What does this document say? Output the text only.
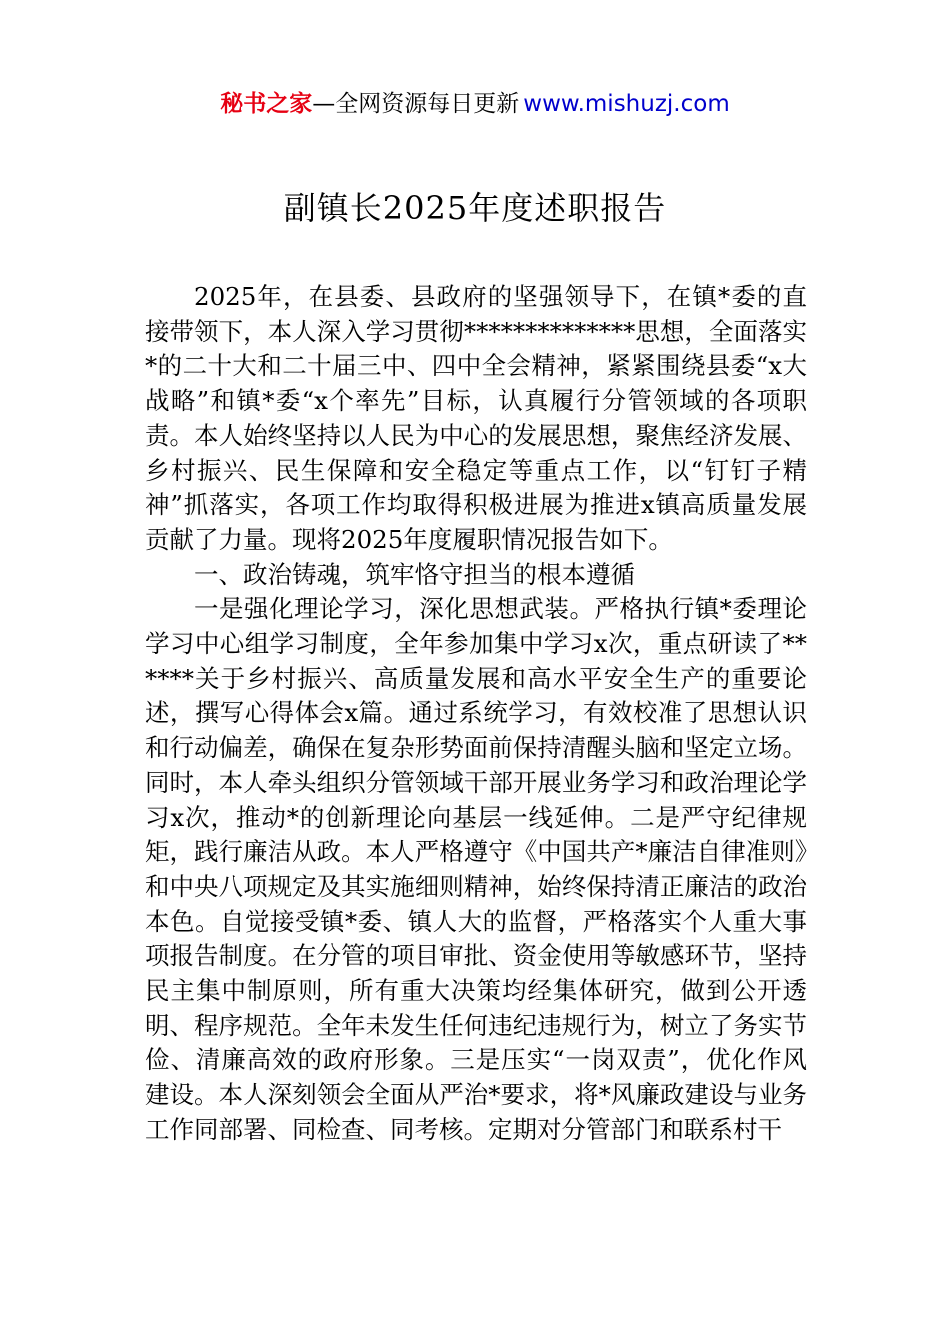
秘书之家—全网资源每日更新 www.mishuzj.com
副镇长2025年度述职报告

2025年，在县委、县政府的坚强领导下，在镇*委的直接带领下，本人深入学习贯彻**************思想，全面落实*的二十大和二十届三中、四中全会精神，紧紧围绕县委“x大战略”和镇*委“x个率先”目标，认真履行分管领域的各项职责。本人始终坚持以人民为中心的发展思想，聚焦经济发展、乡村振兴、民生保障和安全稳定等重点工作，以“钉钉子精神”抓落实，各项工作均取得积极进展为推进x镇高质量发展贡献了力量。现将2025年度履职情况报告如下。

一、政治铸魂，筑牢恪守担当的根本遵循

一是强化理论学习，深化思想武装。严格执行镇*委理论学习中心组学习制度，全年参加集中学习x次，重点研读了******关于乡村振兴、高质量发展和高水平安全生产的重要论述，撰写心得体会x篇。通过系统学习，有效校准了思想认识和行动偏差，确保在复杂形势面前保持清醒头脑和坚定立场。同时，本人牵头组织分管领域干部开展业务学习和政治理论学习x次，推动*的创新理论向基层一线延伸。二是严守纪律规矩，践行廉洁从政。本人严格遵守《中国共产*廉洁自律准则》和中央八项规定及其实施细则精神，始终保持清正廉洁的政治本色。自觉接受镇*委、镇人大的监督，严格落实个人重大事项报告制度。在分管的项目审批、资金使用等敏感环节，坚持民主集中制原则，所有重大决策均经集体研究，做到公开透明、程序规范。全年未发生任何违纪违规行为，树立了务实节俭、清廉高效的政府形象。三是压实“一岗双责”，优化作风建设。本人深刻领会全面从严治*要求，将*风廉政建设与业务工作同部署、同检查、同考核。定期对分管部门和联系村干
